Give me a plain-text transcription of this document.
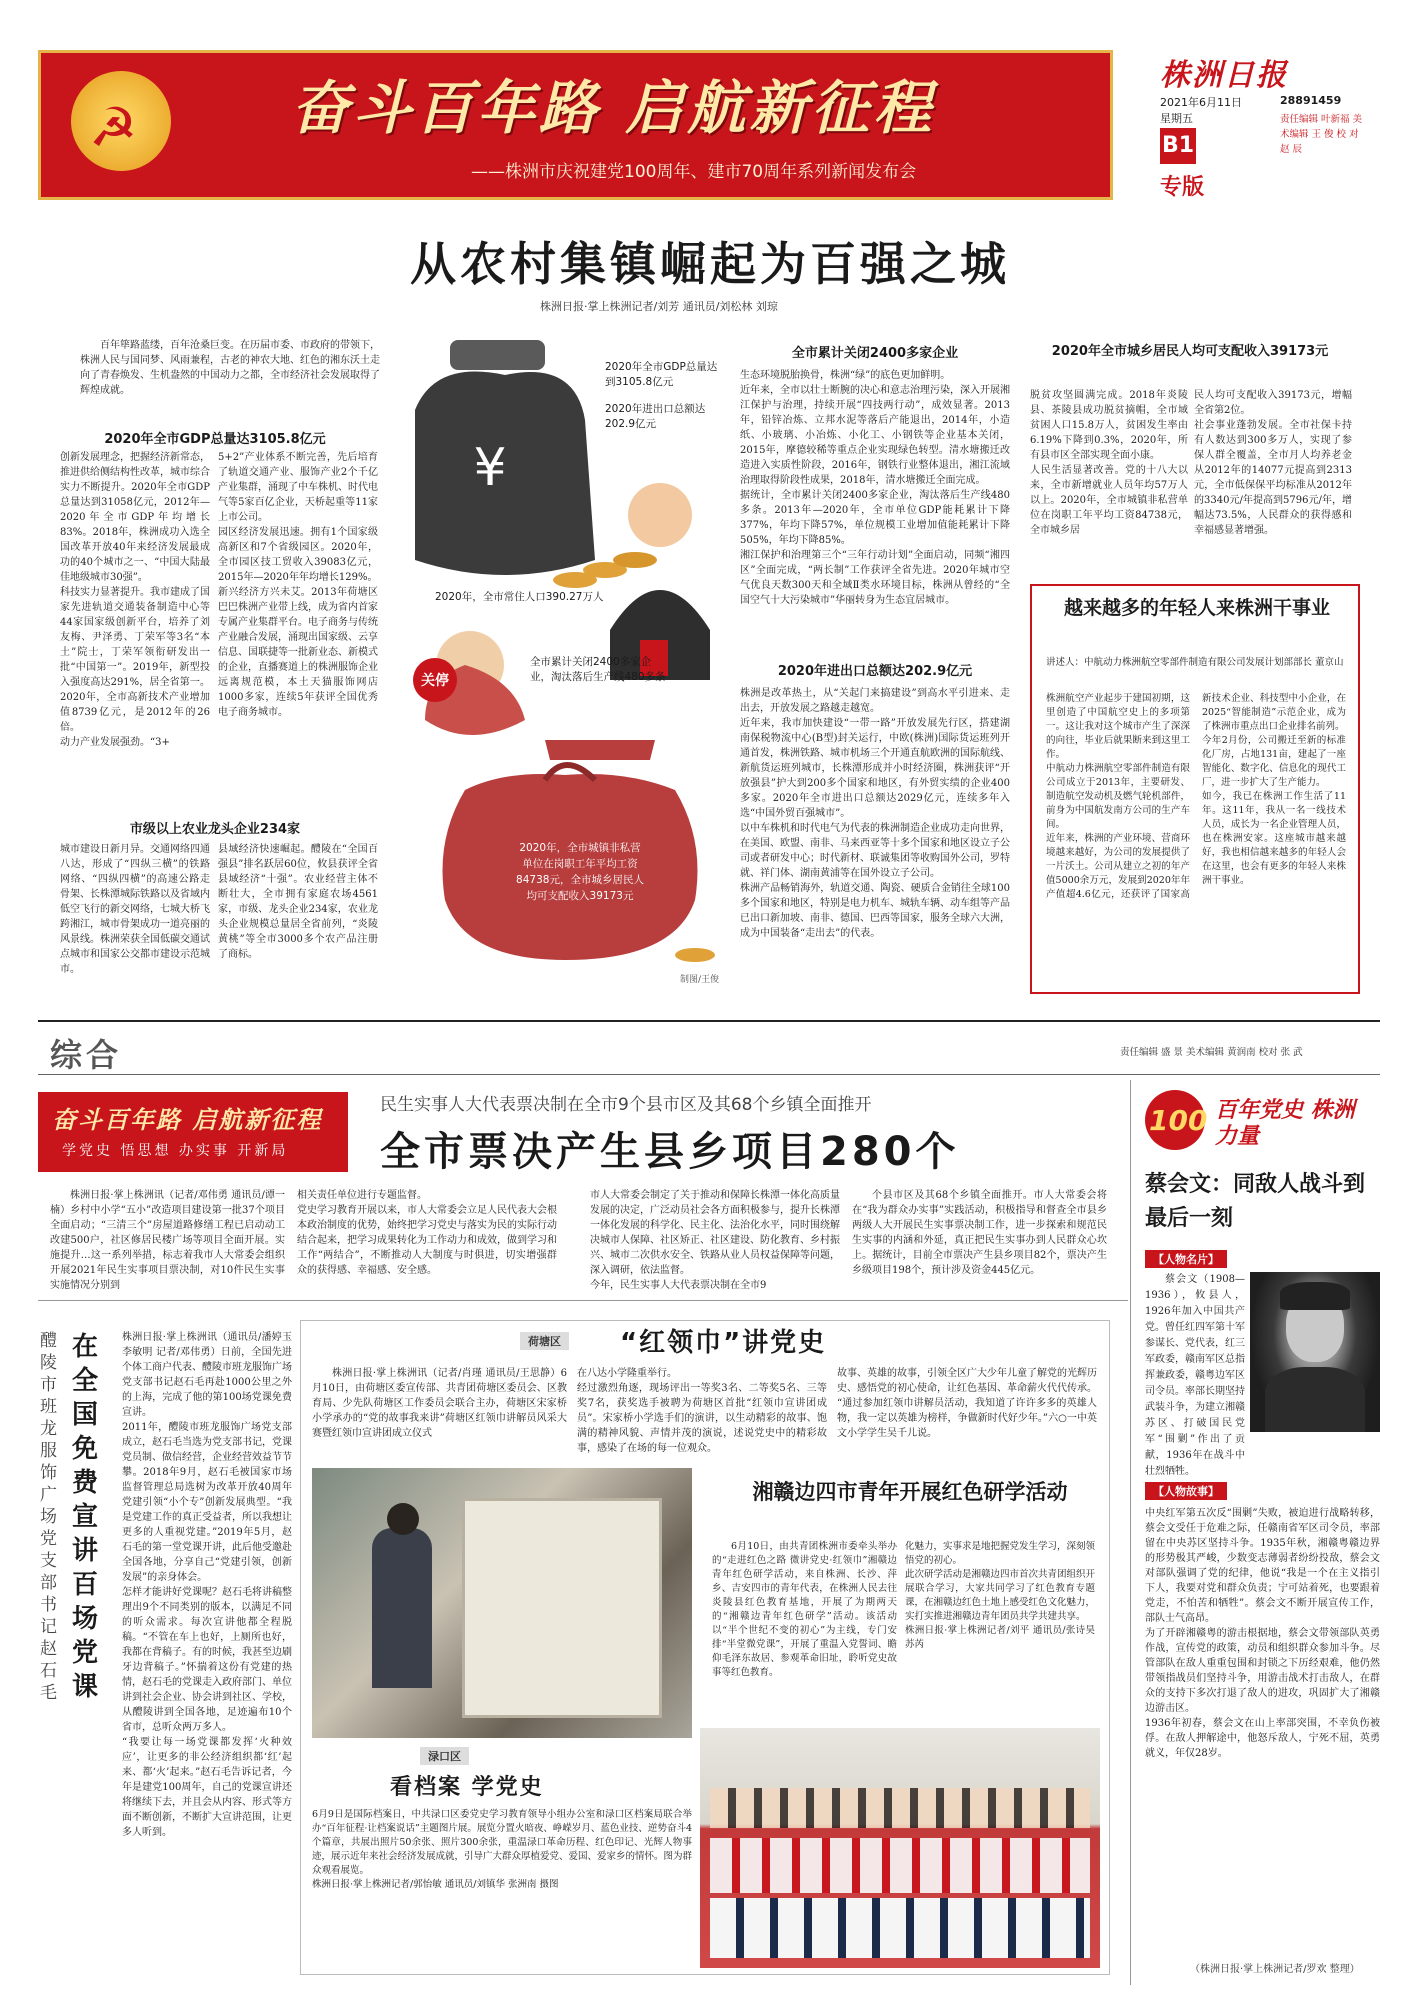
☭	奋斗百年路 启航新征程
——株洲市庆祝建党100周年、建市70周年系列新闻发布会
株洲日报
2021年6月11日
星期五
B1
专版
28891459
责任编辑 叶新福 美术编辑 王 俊 校 对 赵 辰
从农村集镇崛起为百强之城
株洲日报·掌上株洲记者/刘芳 通讯员/刘松林 刘琼

百年筚路蓝缕，百年沧桑巨变。在历届市委、市政府的带领下，株洲人民与国同梦、风雨兼程，古老的神农大地、红色的湘东沃土走向了青春焕发、生机盎然的中国动力之都，全市经济社会发展取得了辉煌成就。

2020年全市GDP总量达3105.8亿元
创新发展理念，把握经济新常态，推进供给侧结构性改革，城市综合实力不断提升。2020年全市GDP总量达到31058亿元，2012年—2020年全市GDP年均增长83%。2018年，株洲成功入选全国改革开放40年来经济发展最成功的40个城市之一、“中国大陆最佳地级城市30强”。
科技实力显著提升。我市建成了国家先进轨道交通装备制造中心等44家国家级创新平台，培养了刘友梅、尹泽勇、丁荣军等3名“本土”院士，丁荣军领衔研发出一批“中国第一”。2019年，新型投入强度高达291%，居全省第一。2020年，全市高新技术产业增加值8739亿元，是2012年的26倍。
动力产业发展强劲。“3+
5+2”产业体系不断完善，先后培育了轨道交通产业、服饰产业2个千亿产业集群，涌现了中车株机、时代电气等5家百亿企业，天桥起重等11家上市公司。
园区经济发展迅速。拥有1个国家级高新区和7个省级园区。2020年，全市园区技工贸收入39083亿元，2015年—2020年年均增长129%。
新兴经济方兴未艾。2013年荷塘区巴巴株洲产业带上线，成为省内首家专属产业集群平台。电子商务与传统产业融合发展，涌现出国家级、云享信息、国联捷等一批新业态、新模式的企业，直播赛道上的株洲服饰企业远离规范模，本土天猫服饰网店1000多家，连续5年获评全国优秀电子商务城市。
市级以上农业龙头企业234家
城市建设日新月异。交通网络四通八达，形成了“四纵三横”的铁路网络、“四纵四横”的高速公路走骨架、长株潭城际铁路以及省域内低空飞行的新交网络，七城大桥飞跨湘江，城市骨架成功一道亮丽的风景线。株洲荣获全国低碳交通试点城市和国家公交都市建设示范城市。
县域经济快速崛起。醴陵在“全国百强县”排名跃居60位，攸县获评全省县域经济“十强”。农业经营主体不断壮大，全市拥有家庭农场4561家，市级、龙头企业234家，农业龙头企业规模总量居全省前列，“炎陵黄桃”等全市3000多个农产品注册了商标。
¥
关停
2020年全市GDP总量达到3105.8亿元
2020年进出口总额达202.9亿元
2020年，全市常住人口390.27万人
全市累计关闭2400多家企业，淘汰落后生产线480多条
2020年，全市城镇非私营单位在岗职工年平均工资84738元，全市城乡居民人均可支配收入39173元
制图/王俊
全市累计关闭2400多家企业
生态环境脱胎换骨，株洲“绿”的底色更加鲜明。
近年来，全市以壮士断腕的决心和意志治理污染，深入开展湘江保护与治理，持续开展“四技两行动”，成效显著。2013年，铅锌冶炼、立邦水泥等落后产能退出，2014年，小造纸、小玻璃、小冶炼、小化工、小钢铁等企业基本关闭，2015年，摩德较稀等重点企业实现绿色转型。清水塘搬迁改造进入实质性阶段，2016年，钢铁行业整体退出，湘江流域治理取得阶段性成果，2018年，清水塘搬迁全面完成。
据统计，全市累计关闭2400多家企业，淘汰落后生产线480多条。2013年—2020年，全市单位GDP能耗累计下降377%，年均下降57%，单位规模工业增加值能耗累计下降505%，年均下降85%。
湘江保护和治理第三个“三年行动计划”全面启动，同频“湘四区”全面完成，“两长制”工作获评全省先进。2020年城市空气优良天数300天和全域Ⅱ类水环境目标，株洲从曾经的“全国空气十大污染城市”华丽转身为生态宜居城市。
2020年进出口总额达202.9亿元
株洲是改革热土，从“关起门来搞建设”到高水平引进来、走出去，开放发展之路越走越宽。
近年来，我市加快建设“一带一路”开放发展先行区，搭建湖南保税物流中心(B型)封关运行，中欧(株洲)国际货运班列开通首发，株洲铁路、城市机场三个开通直航欧洲的国际航线、新航货运班列城市，长株潭形成并小时经济圈，株洲获评“开放强县”护大到200多个国家和地区，有外贸实绩的企业400多家。2020年全市进出口总额达2029亿元，连续多年入选“中国外贸百强城市”。
以中车株机和时代电气为代表的株洲制造企业成功走向世界，在美国、欧盟、南非、马来西亚等十多个国家和地区设立子公司或者研发中心；时代新材、联诚集团等收购国外公司，罗特就、祥门体、湖南黄浦等在国外设立子公司。
株洲产品畅销海外，轨道交通、陶瓷、硬质合金销往全球100多个国家和地区，特别是电力机车、城轨车辆、动车组等产品已出口新加坡、南非、德国、巴西等国家，服务全球六大洲，成为中国装备“走出去”的代表。
2020年全市城乡居民人均可支配收入39173元
脱贫攻坚圆满完成。2018年炎陵县、茶陵县成功脱贫摘帽，全市域贫困人口15.8万人，贫困发生率由6.19%下降到0.3%，2020年，所有县市区全部实现全面小康。
人民生活显著改善。党的十八大以来，全市新增就业人员年均57万人以上。2020年，全市城镇非私营单位在岗职工年平均工资84738元，全市城乡居
民人均可支配收入39173元，增幅全省第2位。
社会事业蓬勃发展。全市社保卡持有人数达到300多万人，实现了参保人群全覆盖，全市月人均养老金从2012年的14077元提高到2313元，全市低保保平均标准从2012年的3340元/年提高到5796元/年，增幅达73.5%，人民群众的获得感和幸福感显著增强。
越来越多的年轻人来株洲干事业
讲述人：中航动力株洲航空零部件制造有限公司发展计划部部长 董京山
株洲航空产业起步于建国初期，这里创造了中国航空史上的多项第一。这让我对这个城市产生了深深的向往，毕业后就果断来到这里工作。
中航动力株洲航空零部件制造有限公司成立于2013年，主要研发、制造航空发动机及燃气轮机部件，前身为中国航发南方公司的生产车间。
近年来，株洲的产业环境、营商环境越来越好，为公司的发展提供了一片沃土。公司从建立之初的年产值5000余万元，发展到2020年年产值超4.6亿元，还获评了国家高新技术企业、科技型中小企业，在2025“智能制造”示范企业，成为了株洲市重点出口企业排名前列。
今年2月份，公司搬迁至新的标准化厂房，占地131亩，建起了一座智能化、数字化、信息化的现代工厂，进一步扩大了生产能力。
如今，我已在株洲工作生活了11年。这11年，我从一名一线技术人员，成长为一名企业管理人员，也在株洲安家。这座城市越来越好，我也相信越来越多的年轻人会在这里，也会有更多的年轻人来株洲干事业。
综合	责任编辑 盛 景 美术编辑 黄润南 校对 张 武
奋斗百年路 启航新征程
学党史 悟思想 办实事 开新局
民生实事人大代表票决制在全市9个县市区及其68个乡镇全面推开
全市票决产生县乡项目280个

株洲日报·掌上株洲讯（记者/邓伟勇 通讯员/谭一楠）乡村中小学“五小”改造项目建设第一批37个项目全面启动；“三清三个”房屋道路修缮工程已启动动工改建500户，社区修居民楼广场等项目全面开展。实施提升…这一系列举措，标志着我市人大常委会组织开展2021年民生实事项目票决制，对10件民生实事实施情况分别到

相关责任单位进行专题监督。
党史学习教育开展以来，市人大常委会立足人民代表大会根本政治制度的优势，始终把学习党史与落实为民的实际行动结合起来，把学习成果转化为工作动力和成效，做到学习和工作“两结合”，不断推动人大制度与时俱进，切实增强群众的获得感、幸福感、安全感。
市人大常委会制定了关于推动和保障长株潭一体化高质量发展的决定，广泛动员社会各方面积极参与，提升长株潭一体化发展的科学化、民主化、法治化水平，同时围绕解决城市人保障、社区矫正、社区建设、防化教育、乡村振兴、城市二次供水安全、铁路从业人员权益保障等问题，深入调研，依法监督。
今年，民生实事人大代表票决制在全市9

个县市区及其68个乡镇全面推开。市人大常委会将在“我为群众办实事”实践活动，积极指导和督查全市县乡两级人大开展民生实事票决制工作，进一步探索和规范民生实事的内涵和外延，真正把民生实事办到人民群众心坎上。据统计，目前全市票决产生县乡项目82个，票决产生乡级项目198个，预计涉及资金445亿元。

醴陵市班龙服饰广场党支部书记赵石毛
在全国免费宣讲百场党课
株洲日报·掌上株洲讯（通讯员/潘婷玉 李敏明 记者/邓伟勇）日前，全国先进个体工商户代表、醴陵市班龙服饰广场党支部书记赵石毛再赴1000公里之外的上海，完成了他的第100场党课免费宣讲。
2011年，醴陵市班龙服饰广场党支部成立，赵石毛当选为党支部书记，党课党员制、做信经营，企业经营效益节节攀。2018年9月，赵石毛被国家市场监督管理总局选树为改革开放40周年党建引领“小个专”创新发展典型。“我是党建工作的真正受益者，所以我想让更多的人重视党建。”2019年5月，赵石毛的第一堂党课开讲，此后他受邀赴全国各地，分享自己“党建引领，创新发展”的亲身体会。
怎样才能讲好党课呢？赵石毛将讲稿整理出9个不同类别的版本，以满足不同的听众需求。每次宣讲他都全程脱稿。“不管在车上也好，上厕所也好，我都在背稿子。有的时候，我甚至边刷牙边背稿子。”怀揣着这份有党建的热情，赵石毛的党课走入政府部门、单位讲到社会企业、协会讲到社区、学校，从醴陵讲到全国各地，足迹遍布10个省市，总听众两万多人。
“我要让每一场党课都发挥‘火种效应’，让更多的非公经济组织都‘红’起来、都‘火’起来。”赵石毛告诉记者，今年是建党100周年，自己的党课宣讲还将继续下去，并且会从内容、形式等方面不断创新，不断扩大宣讲范围，让更多人听到。
荷塘区	“红领巾”讲党史

株洲日报·掌上株洲讯（记者/肖瑾 通讯员/王思静）6月10日，由荷塘区委宣传部、共青团荷塘区委员会、区教育局、少先队荷塘区工作委员会联合主办，荷塘区宋家桥小学承办的“党的故事我来讲”荷塘区红领巾讲解员风采大赛暨红领巾宣讲团成立仪式

在八达小学隆重举行。
经过激烈角逐，现场评出一等奖3名、二等奖5名、三等奖7名，获奖选手被聘为荷塘区首批“红领巾宣讲团成员”。宋家桥小学选手们的演讲，以生动精彩的故事、饱满的精神风貌、声情并茂的演说，述说党史中的精彩故事，感染了在场的每一位观众。
故事、英雄的故事，引领全区广大少年儿童了解党的光辉历史、感悟党的初心使命，让红色基因、革命薪火代代传承。
“通过参加红领巾讲解员活动，我知道了许许多多的英雄人物，我一定以英雄为榜样，争做新时代好少年。”六○一中英文小学学生吴千儿说。
渌口区
看档案 学党史
6月9日是国际档案日，中共渌口区委党史学习教育领导小组办公室和渌口区档案局联合举办“百年征程·让档案说话”主题图片展。展览分置火暗夜、峥嵘岁月、蓝色业技、逆势奋斗4个篇章，共展出照片50余张、照片300余张，重温渌口革命历程、红色印记、光辉人物事迹，展示近年来社会经济发展成就，引导广大群众厚植爱党、爱国、爱家乡的情怀。图为群众观看展览。
株洲日报·掌上株洲记者/郭怡敏 通讯员/刘镇华 张洲南 摄图
湘赣边四市青年开展红色研学活动

6月10日，由共青团株洲市委牵头举办的“走进红色之路 微讲党史·红领巾”湘赣边青年红色研学活动，来自株洲、长沙、萍乡、吉安四市的青年代表，在株洲人民去往炎陵县红色教育基地，开展了为期两天的“湘赣边青年红色研学”活动。该活动以“半个世纪不变的初心”为主线，专门安排“半堂微党课”，开展了重温入党誓词、瞻仰毛泽东故居、参观革命旧址，聆听党史故事等红色教育。

化魅力，实事求是地把握党发生学习，深刻领悟党的初心。
此次研学活动是湘赣边四市首次共青团组织开展联合学习，大家共同学习了红色教育专题课，在湘赣边红色土地上感受红色文化魅力，实打实推进湘赣边青年团员共学共建共享。
株洲日报·掌上株洲记者/刘平 通讯员/张诗昊 苏芮
100 百年党史 株洲力量
蔡会文：同敌人战斗到最后一刻
【人物名片】

蔡会文（1908—1936），攸县人，1926年加入中国共产党。曾任红四军第十军参谋长、党代表，红三军政委，赣南军区总指挥兼政委，赣粤边军区司令员。率部长期坚持武装斗争，为建立湘赣苏区、打破国民党军“围剿”作出了贡献，1936年在战斗中壮烈牺牲。

【人物故事】
中央红军第五次反“围剿”失败，被迫进行战略转移，蔡会文受任于危难之际，任赣南省军区司令员，率部留在中央苏区坚持斗争。1935年秋，湘赣粤赣边界的形势极其严峻，少数变志薄弱者纷纷投敌，蔡会文对部队强调了党的纪律，他说“我是一个在主义指引下人，我要对党和群众负责；宁可站着死，也要跟着党走，不怕苦和牺牲”。蔡会文不断开展宣传工作，部队士气高昂。
为了开辟湘赣粤的游击根据地，蔡会文带领部队英勇作战，宣传党的政策，动员和组织群众参加斗争。尽管部队在敌人重重包围和封锁之下历经艰难，他仍然带领指战员们坚持斗争，用游击战术打击敌人，在群众的支持下多次打退了敌人的进攻，巩固扩大了湘赣边游击区。
1936年初春，蔡会文在山上率部突围，不幸负伤被俘。在敌人押解途中，他怒斥敌人，宁死不屈，英勇就义，年仅28岁。
（株洲日报·掌上株洲记者/罗欢 整理）
